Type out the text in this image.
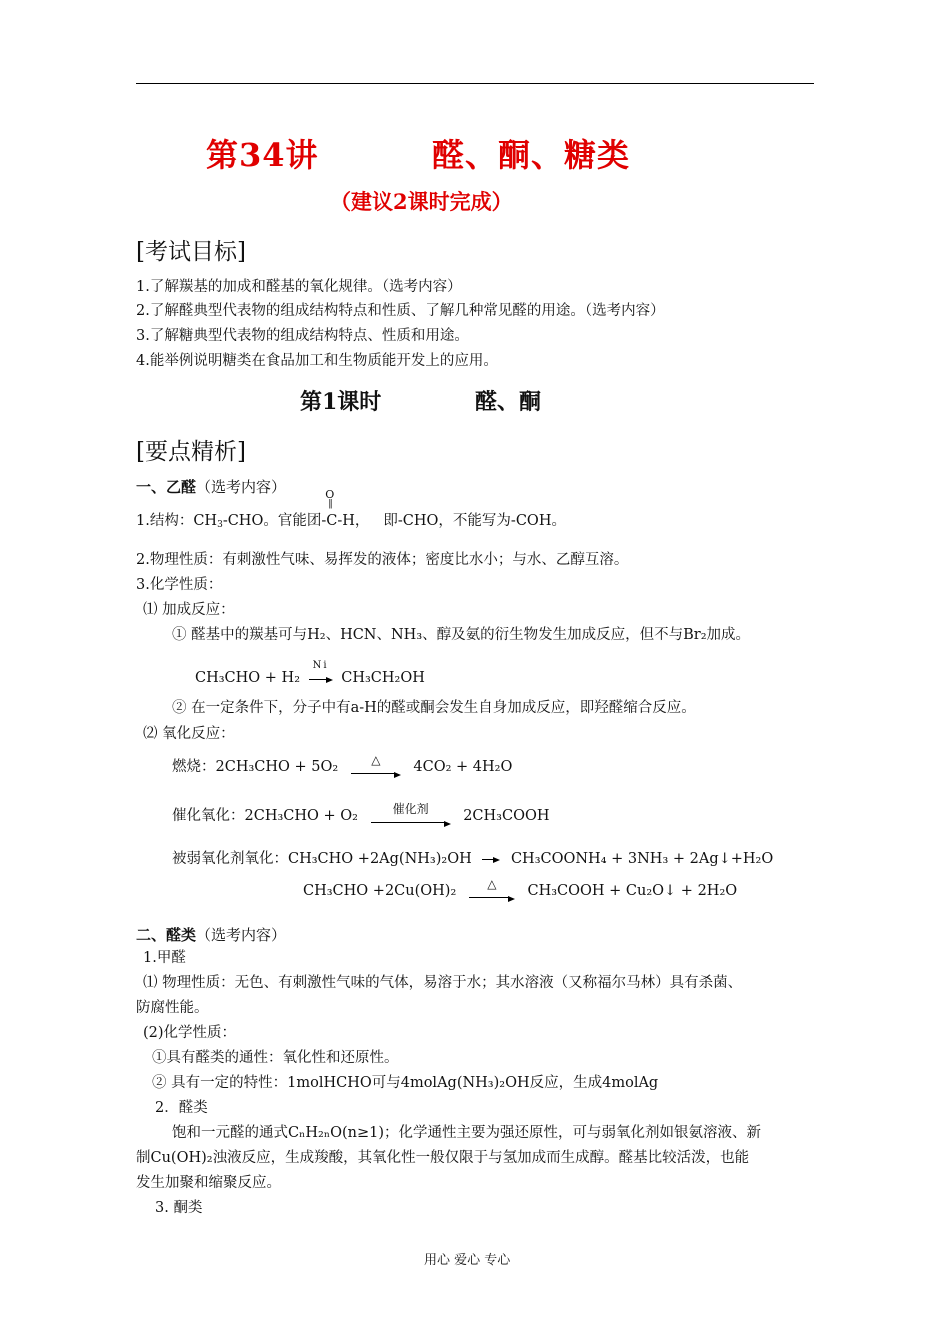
第34讲	醛、酮、糖类
（建议2课时完成）
[考试目标]
1.了解羰基的加成和醛基的氧化规律。（选考内容）
2.了解醛典型代表物的组成结构特点和性质、了解几种常见醛的用途。（选考内容）
3.了解糖典型代表物的组成结构特点、性质和用途。
4.能举例说明糖类在食品加工和生物质能开发上的应用。
第1课时	醛、酮
[要点精析]
一、乙醛（选考内容）
1.结构：$CH_3$-CHO。官能团-
O
‖
C-H， 即-CHO，不能写为-COH。
2.物理性质：有刺激性气味、易挥发的液体；密度比水小；与水、乙醇互溶。
3.化学性质：
⑴ 加成反应：
① 醛基中的羰基可与H₂、HCN、NH₃、醇及氨的衍生物发生加成反应，但不与Br₂加成。
CH₃CHO + H₂
Ni
CH₃CH₂OH
② 在一定条件下，分子中有a-H的醛或酮会发生自身加成反应，即羟醛缩合反应。
⑵ 氧化反应：
燃烧：2CH₃CHO + 5O₂	△	4CO₂ + 4H₂O
催化氧化：2CH₃CHO + O₂	催化剂	2CH₃COOH
被弱氧化剂氧化：CH₃CHO +2Ag(NH₃)₂OH	CH₃COONH₄ + 3NH₃ + 2Ag↓+H₂O
CH₃CHO +2Cu(OH)₂	△	CH₃COOH + Cu₂O↓ + 2H₂O
二、醛类（选考内容）
1.甲醛
⑴ 物理性质：无色、有刺激性气味的气体，易溶于水；其水溶液（又称福尔马林）具有杀菌、
防腐性能。
(2)化学性质：
①具有醛类的通性：氧化性和还原性。
② 具有一定的特性：1molHCHO可与4molAg(NH₃)₂OH反应，生成4molAg
2．醛类
饱和一元醛的通式CₙH₂ₙO(n≥1)；化学通性主要为强还原性，可与弱氧化剂如银氨溶液、新
制Cu(OH)₂浊液反应，生成羧酸，其氧化性一般仅限于与氢加成而生成醇。醛基比较活泼，也能
发生加聚和缩聚反应。
3. 酮类
用心 爱心 专心
